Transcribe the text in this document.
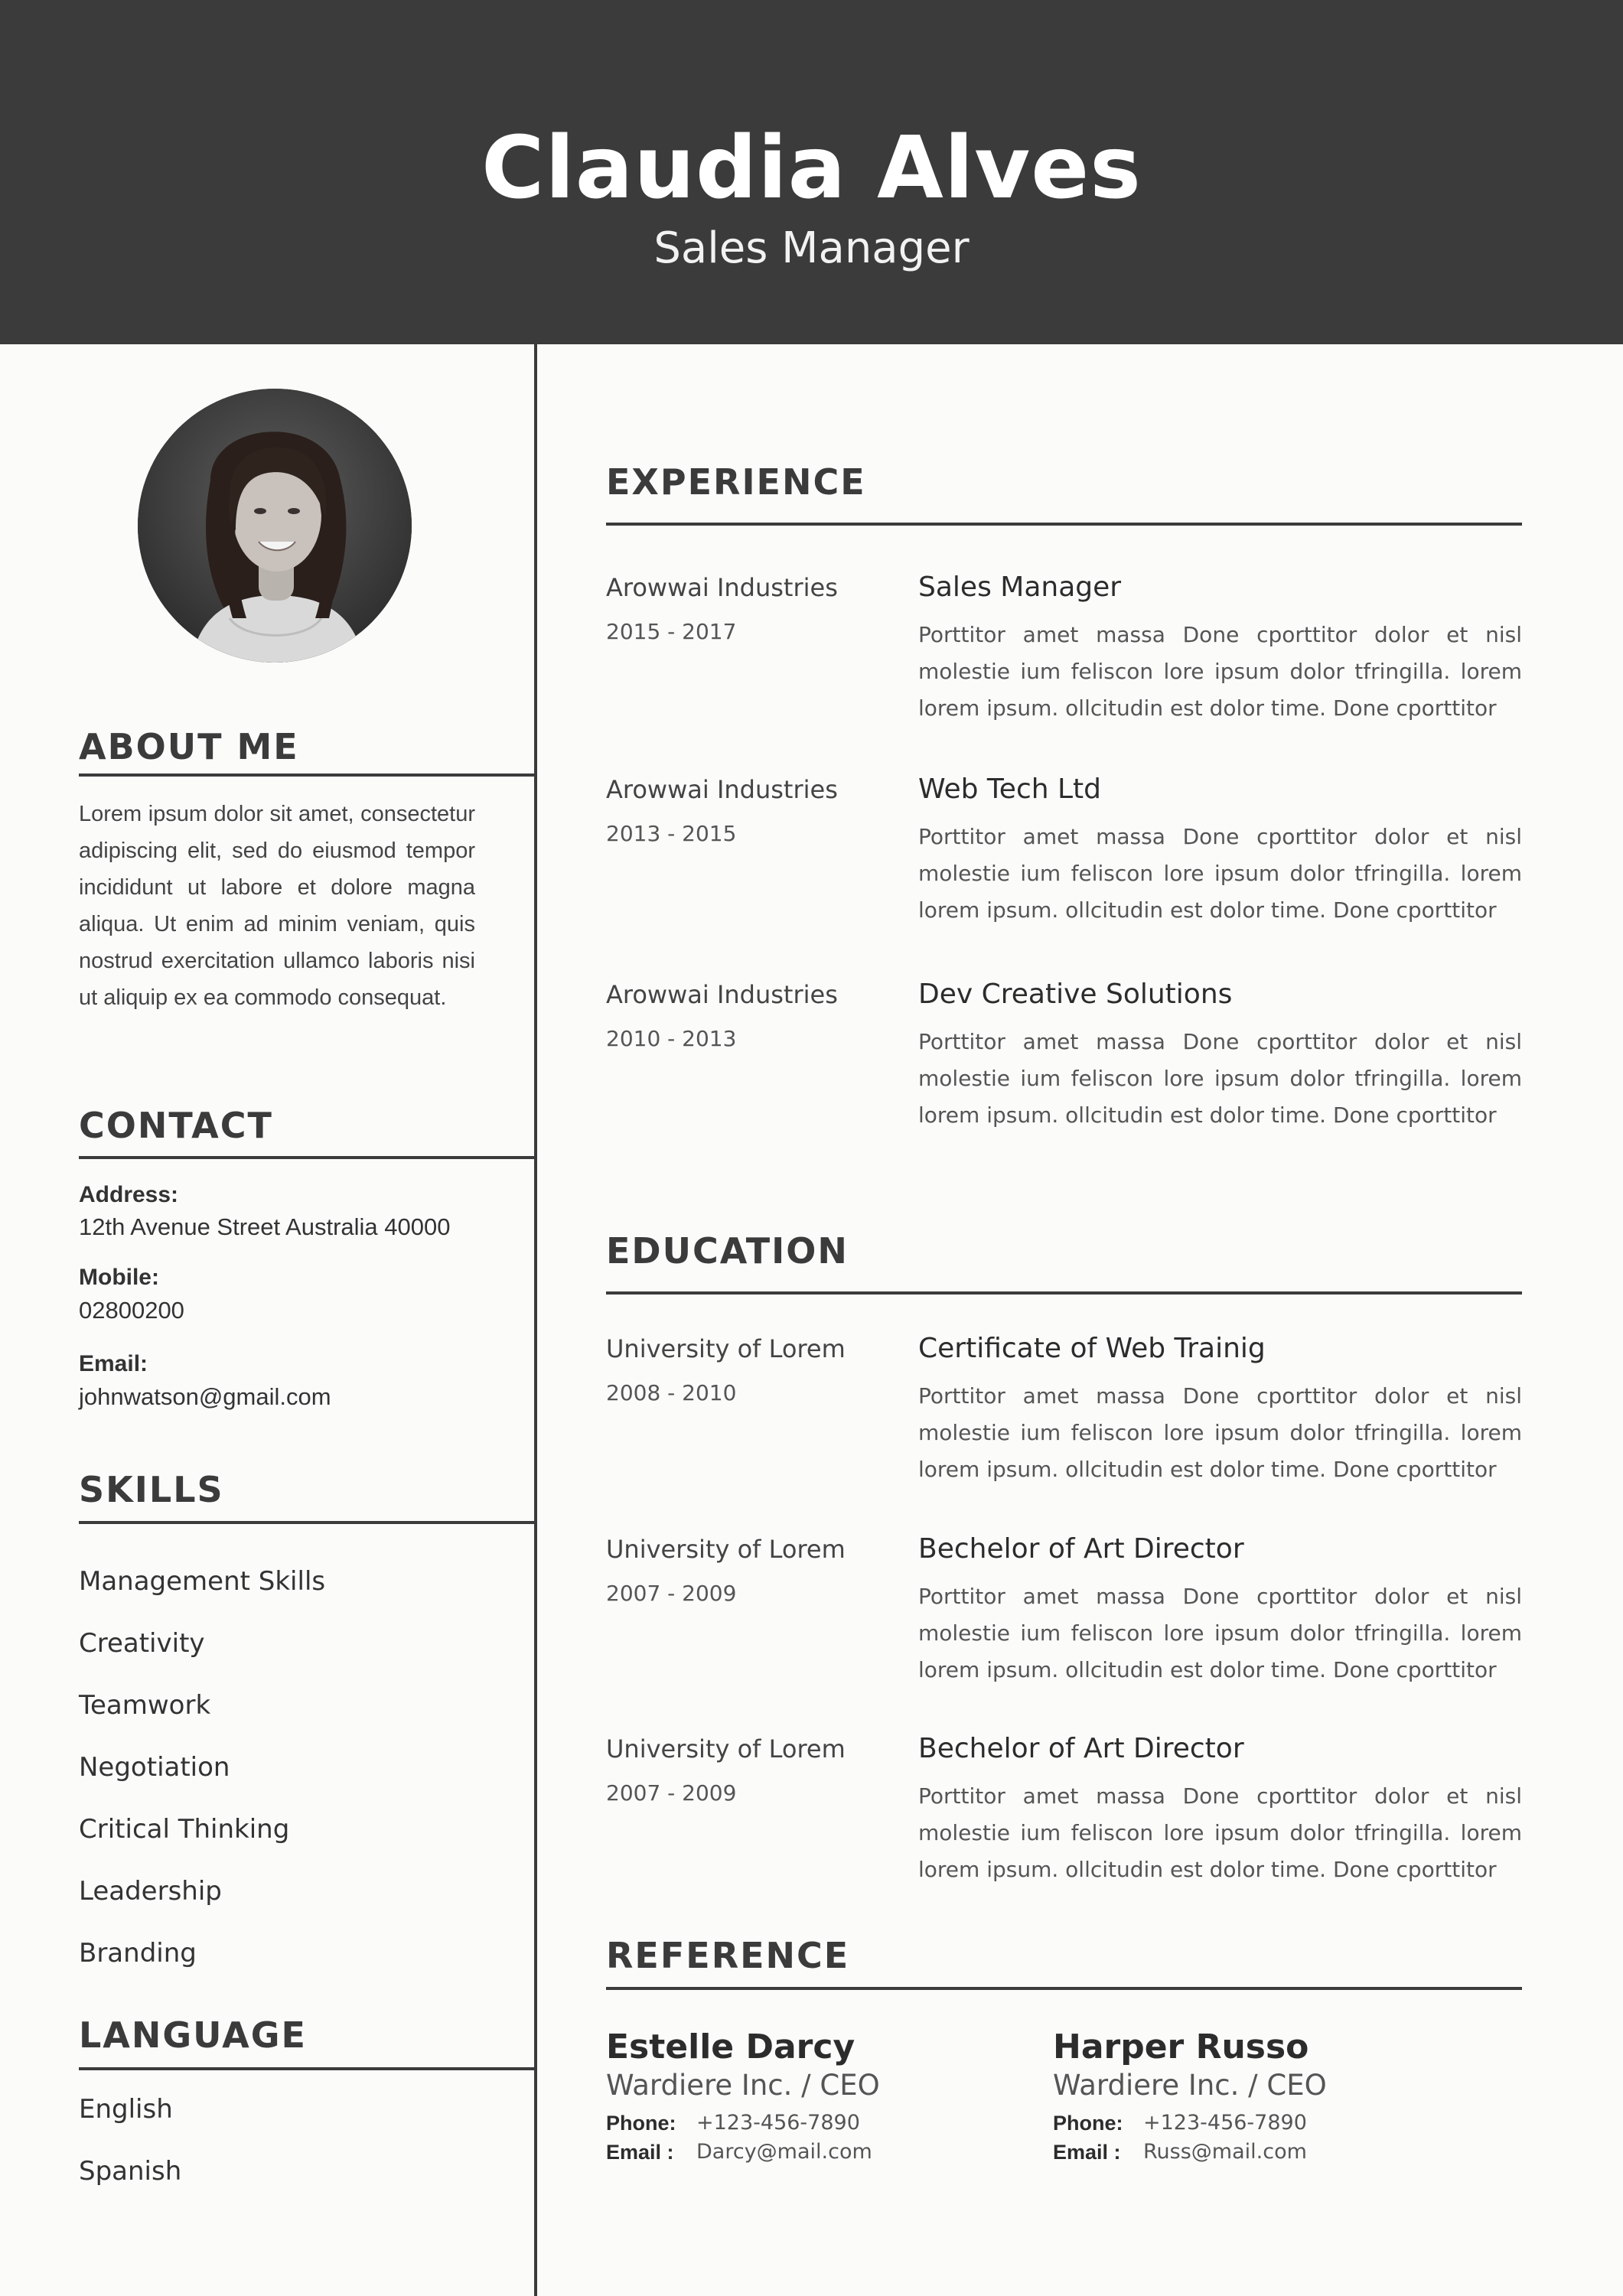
Claudia Alves
Sales Manager
ABOUT ME
Lorem ipsum dolor sit amet, consectetur adipiscing elit, sed do eiusmod tempor incididunt ut labore et dolore magna aliqua. Ut enim ad minim veniam, quis nostrud exercitation ullamco laboris nisi ut aliquip ex ea commodo consequat.
CONTACT
Address:
12th Avenue Street Australia 40000
Mobile:
02800200
Email:
johnwatson@gmail.com
SKILLS
Management Skills
Creativity
Teamwork
Negotiation
Critical Thinking
Leadership
Branding
LANGUAGE
English
Spanish
EXPERIENCE
Arowwai Industries
2015 - 2017
Sales Manager
Porttitor amet massa Done cporttitor dolor et nisl molestie ium feliscon lore ipsum dolor tfringilla. lorem lorem ipsum. ollcitudin est dolor time. Done cporttitor
Arowwai Industries
2013 - 2015
Web Tech Ltd
Porttitor amet massa Done cporttitor dolor et nisl molestie ium feliscon lore ipsum dolor tfringilla. lorem lorem ipsum. ollcitudin est dolor time. Done cporttitor
Arowwai Industries
2010 - 2013
Dev Creative Solutions
Porttitor amet massa Done cporttitor dolor et nisl molestie ium feliscon lore ipsum dolor tfringilla. lorem lorem ipsum. ollcitudin est dolor time. Done cporttitor
EDUCATION
University of Lorem
2008 - 2010
Certificate of Web Trainig
Porttitor amet massa Done cporttitor dolor et nisl molestie ium feliscon lore ipsum dolor tfringilla. lorem lorem ipsum. ollcitudin est dolor time. Done cporttitor
University of Lorem
2007 - 2009
Bechelor of Art Director
Porttitor amet massa Done cporttitor dolor et nisl molestie ium feliscon lore ipsum dolor tfringilla. lorem lorem ipsum. ollcitudin est dolor time. Done cporttitor
University of Lorem
2007 - 2009
Bechelor of Art Director
Porttitor amet massa Done cporttitor dolor et nisl molestie ium feliscon lore ipsum dolor tfringilla. lorem lorem ipsum. ollcitudin est dolor time. Done cporttitor
REFERENCE
Estelle Darcy
Wardiere Inc. / CEO
Phone: +123-456-7890
Email :	Darcy@mail.com
Harper Russo
Wardiere Inc. / CEO
Phone: +123-456-7890
Email :	Russ@mail.com
